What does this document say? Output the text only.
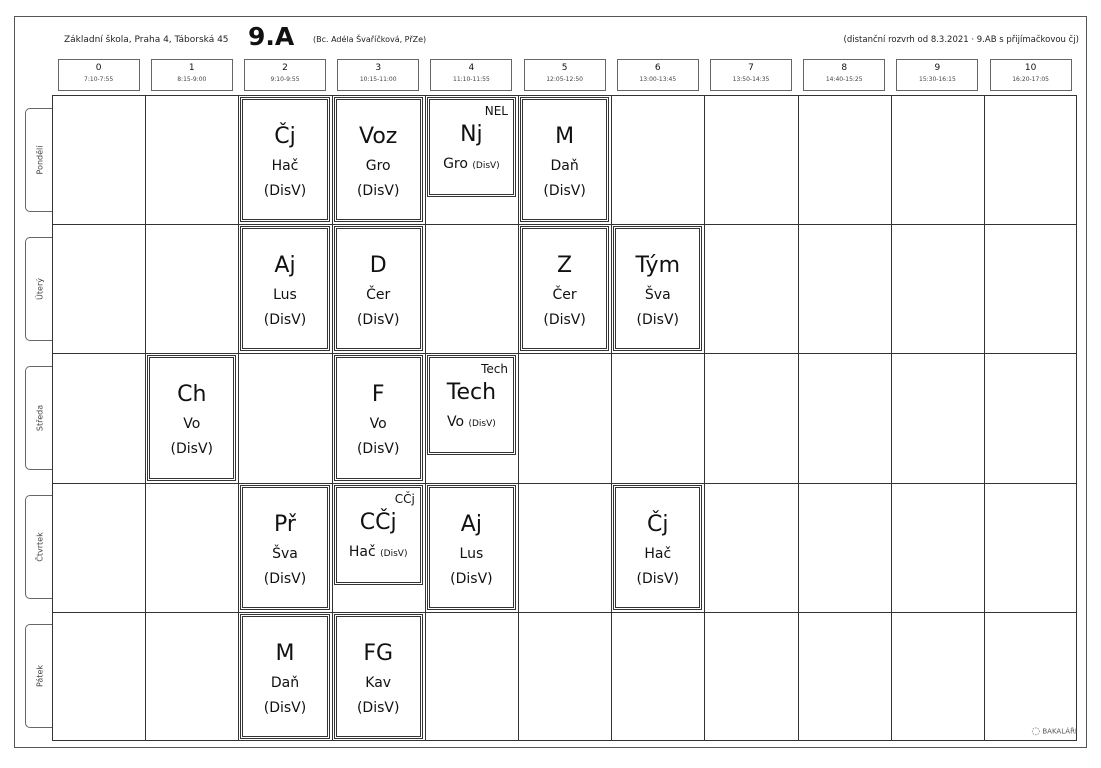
Základní škola, Praha 4, Táborská 45 9.A (Bc. Adéla Švaříčková, PřZe)	(distanční rozvrh od 8.3.2021 · 9.AB s přijímačkovou čj)
0
7:10-7:55
1
8:15-9:00
2
9:10-9:55
3
10:15-11:00
4
11:10-11:55
5
12:05-12:50
6
13:00-13:45
7
13:50-14:35
8
14:40-15:25
9
15:30-16:15
10
16:20-17:05
Pondělí
Úterý
Středa
Čtvrtek
Pátek
Čj
Hač
(DisV)
Voz
Gro
(DisV)
NEL
Nj
Gro (DisV)
M
Daň
(DisV)
Aj
Lus
(DisV)
D
Čer
(DisV)
Z
Čer
(DisV)
Tým
Šva
(DisV)
Ch
Vo
(DisV)
F
Vo
(DisV)
Tech
Tech
Vo (DisV)
Př
Šva
(DisV)
CČj
CČj
Hač (DisV)
Aj
Lus
(DisV)
Čj
Hač
(DisV)
M
Daň
(DisV)
FG
Kav
(DisV)
◌ BAKALÁŘI
